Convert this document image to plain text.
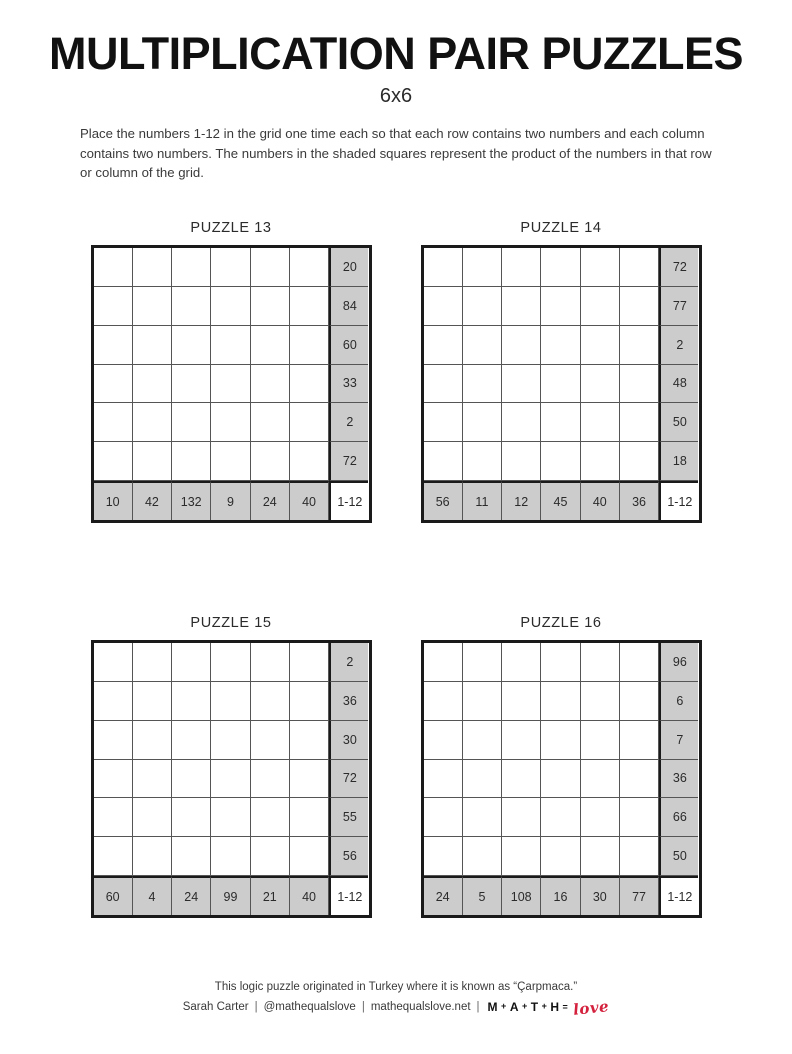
MULTIPLICATION PAIR PUZZLES
6x6
Place the numbers 1-12 in the grid one time each so that each row contains two numbers and each column contains two numbers. The numbers in the shaded squares represent the product of the numbers in that row or column of the grid.
PUZZLE 13
20
84
60
33
2
72
10	42	132	9	24	40	1-12
PUZZLE 14
72
77
2
48
50
18
56	11	12	45	40	36	1-12
PUZZLE 15
2
36
30
72
55
56
60	4	24	99	21	40	1-12
PUZZLE 16
96
6
7
36
66
50
24	5	108	16	30	77	1-12
This logic puzzle originated in Turkey where it is known as “Çarpmaca.”
Sarah Carter | @mathequalslove | mathequalslove.net | M + A + T + H = love
